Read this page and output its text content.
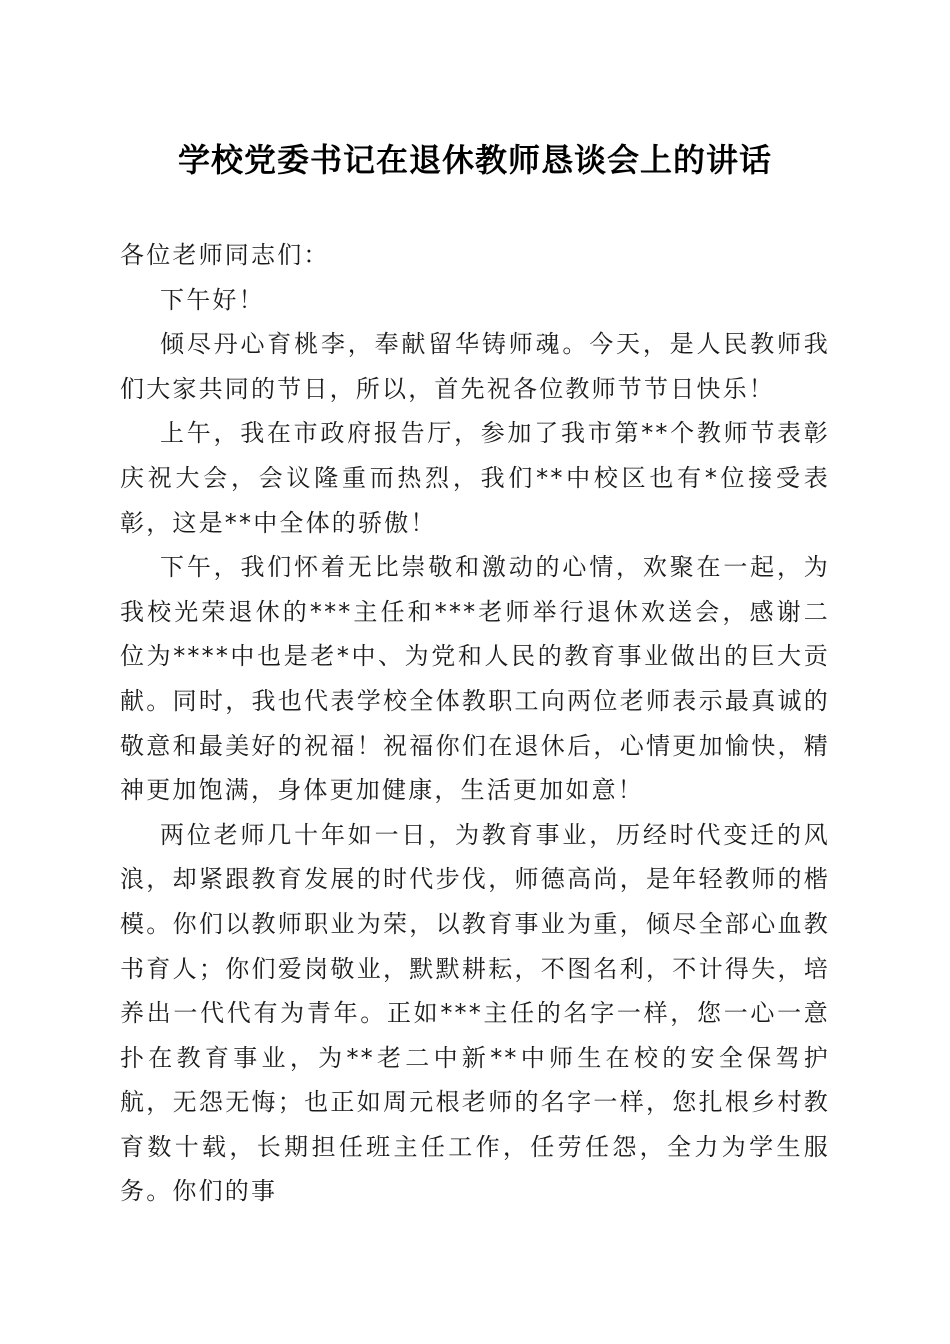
学校党委书记在退休教师恳谈会上的讲话

各位老师同志们：

下午好！

倾尽丹心育桃李，奉献留华铸师魂。今天，是人民教师我们大家共同的节日，所以，首先祝各位教师节节日快乐！

上午，我在市政府报告厅，参加了我市第**个教师节表彰庆祝大会，会议隆重而热烈，我们**中校区也有*位接受表彰，这是**中全体的骄傲！

下午，我们怀着无比崇敬和激动的心情，欢聚在一起，为我校光荣退休的***主任和***老师举行退休欢送会，感谢二位为****中也是老*中、为党和人民的教育事业做出的巨大贡献。同时，我也代表学校全体教职工向两位老师表示最真诚的敬意和最美好的祝福！祝福你们在退休后，心情更加愉快，精神更加饱满，身体更加健康，生活更加如意！

两位老师几十年如一日，为教育事业，历经时代变迁的风浪，却紧跟教育发展的时代步伐，师德高尚，是年轻教师的楷模。你们以教师职业为荣，以教育事业为重，倾尽全部心血教书育人；你们爱岗敬业，默默耕耘，不图名利，不计得失，培养出一代代有为青年。正如***主任的名字一样，您一心一意扑在教育事业，为**老二中新**中师生在校的安全保驾护航，无怨无悔；也正如周元根老师的名字一样，您扎根乡村教育数十载，长期担任班主任工作，任劳任怨，全力为学生服务。你们的事
